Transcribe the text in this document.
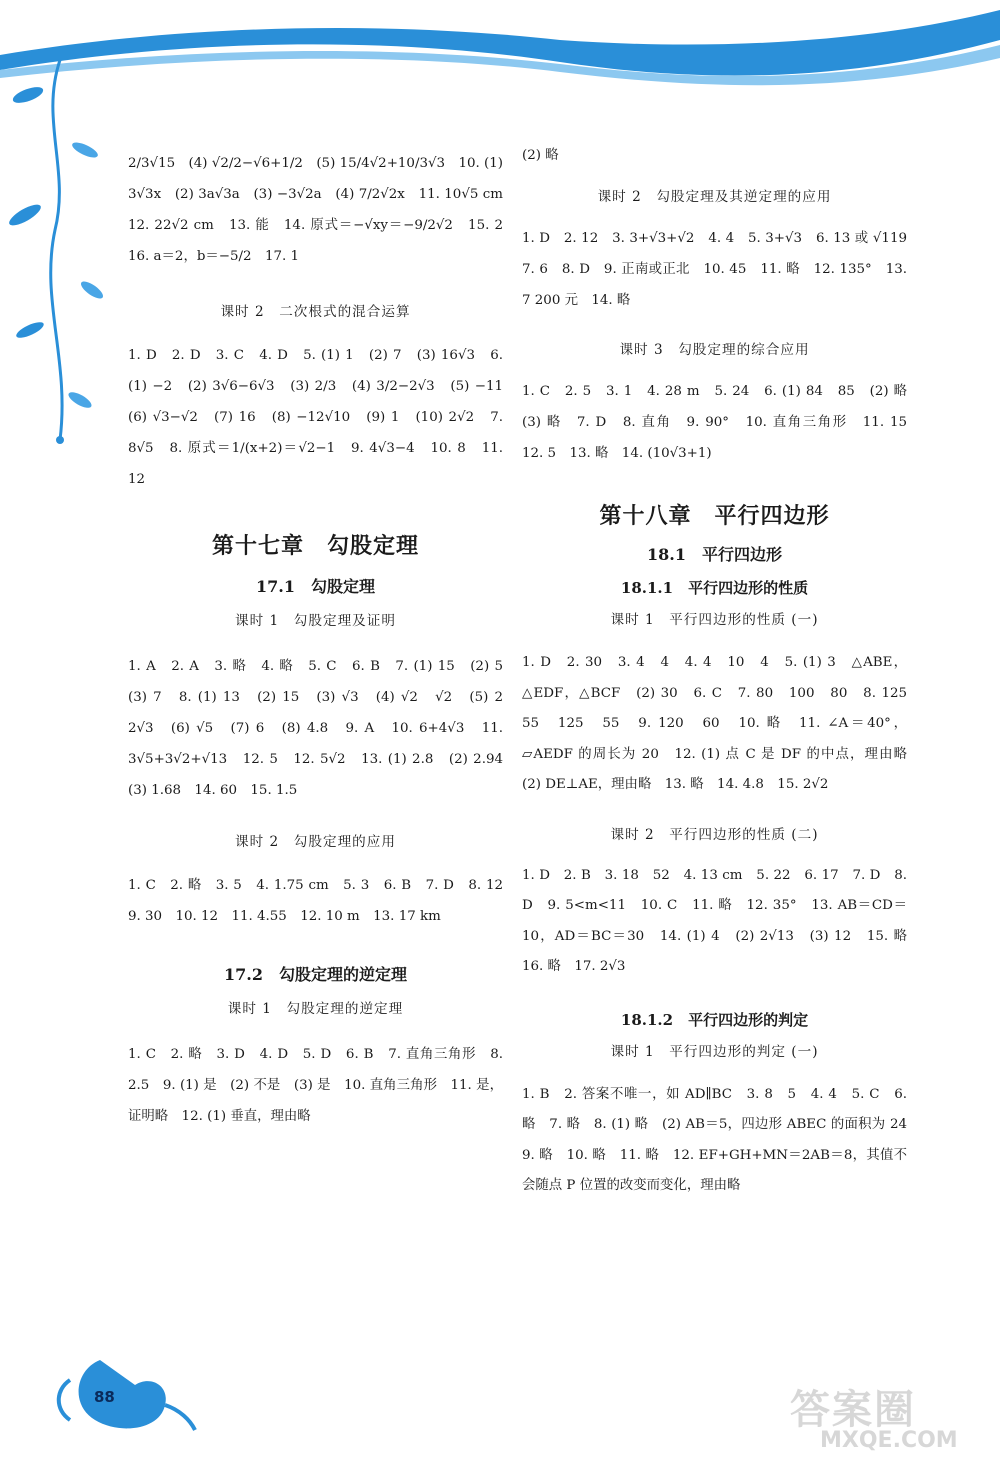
88	答案圈
MXQE.COM

2/3√15　(4) √2/2−√6+1/2　(5) 15/4√2+10/3√3　10. (1) 3√3x　(2) 3a√3a　(3) −3√2a　(4) 7/2√2x　11. 10√5 cm　12. 22√2 cm　13. 能　14. 原式＝−√xy＝−9/2√2　15. 2　16. a＝2，b＝−5/2　17. 1

课时 2　二次根式的混合运算

1. D　2. D　3. C　4. D　5. (1) 1　(2) 7　(3) 16√3　6. (1) −2　(2) 3√6−6√3　(3) 2/3　(4) 3/2−2√3　(5) −11　(6) √3−√2　(7) 16　(8) −12√10　(9) 1　(10) 2√2　7. 8√5　8. 原式＝1/(x+2)＝√2−1　9. 4√3−4　10. 8　11. 12

第十七章　勾股定理

17.1　勾股定理

课时 1　勾股定理及证明

1. A　2. A　3. 略　4. 略　5. C　6. B　7. (1) 15　(2) 5　(3) 7　8. (1) 13　(2) 15　(3) √3　(4) √2　√2　(5) 2　2√3　(6) √5　(7) 6　(8) 4.8　9. A　10. 6+4√3　11. 3√5+3√2+√13　12. 5　12. 5√2　13. (1) 2.8　(2) 2.94　(3) 1.68　14. 60　15. 1.5

课时 2　勾股定理的应用

1. C　2. 略　3. 5　4. 1.75 cm　5. 3　6. B　7. D　8. 12　9. 30　10. 12　11. 4.55　12. 10 m　13. 17 km

17.2　勾股定理的逆定理

课时 1　勾股定理的逆定理

1. C　2. 略　3. D　4. D　5. D　6. B　7. 直角三角形　8. 2.5　9. (1) 是　(2) 不是　(3) 是　10. 直角三角形　11. 是，证明略　12. (1) 垂直，理由略

(2) 略

课时 2　勾股定理及其逆定理的应用

1. D　2. 12　3. 3+√3+√2　4. 4　5. 3+√3　6. 13 或 √119　7. 6　8. D　9. 正南或正北　10. 45　11. 略　12. 135°　13. 7 200 元　14. 略

课时 3　勾股定理的综合应用

1. C　2. 5　3. 1　4. 28 m　5. 24　6. (1) 84　85　(2) 略　(3) 略　7. D　8. 直角　9. 90°　10. 直角三角形　11. 15　12. 5　13. 略　14. (10√3+1)

第十八章　平行四边形

18.1　平行四边形

18.1.1　平行四边形的性质

课时 1　平行四边形的性质 (一)

1. D　2. 30　3. 4　4　4. 4　10　4　5. (1) 3　△ABE，△EDF，△BCF　(2) 30　6. C　7. 80　100　80　8. 125　55　125　55　9. 120　60　10. 略　11. ∠A＝40°，▱AEDF 的周长为 20　12. (1) 点 C 是 DF 的中点，理由略　(2) DE⊥AE，理由略　13. 略　14. 4.8　15. 2√2

课时 2　平行四边形的性质 (二)

1. D　2. B　3. 18　52　4. 13 cm　5. 22　6. 17　7. D　8. D　9. 5<m<11　10. C　11. 略　12. 35°　13. AB＝CD＝10，AD＝BC＝30　14. (1) 4　(2) 2√13　(3) 12　15. 略　16. 略　17. 2√3

18.1.2　平行四边形的判定

课时 1　平行四边形的判定 (一)

1. B　2. 答案不唯一，如 AD∥BC　3. 8　5　4. 4　5. C　6. 略　7. 略　8. (1) 略　(2) AB＝5，四边形 ABEC 的面积为 24　9. 略　10. 略　11. 略　12. EF+GH+MN＝2AB＝8，其值不会随点 P 位置的改变而变化，理由略
